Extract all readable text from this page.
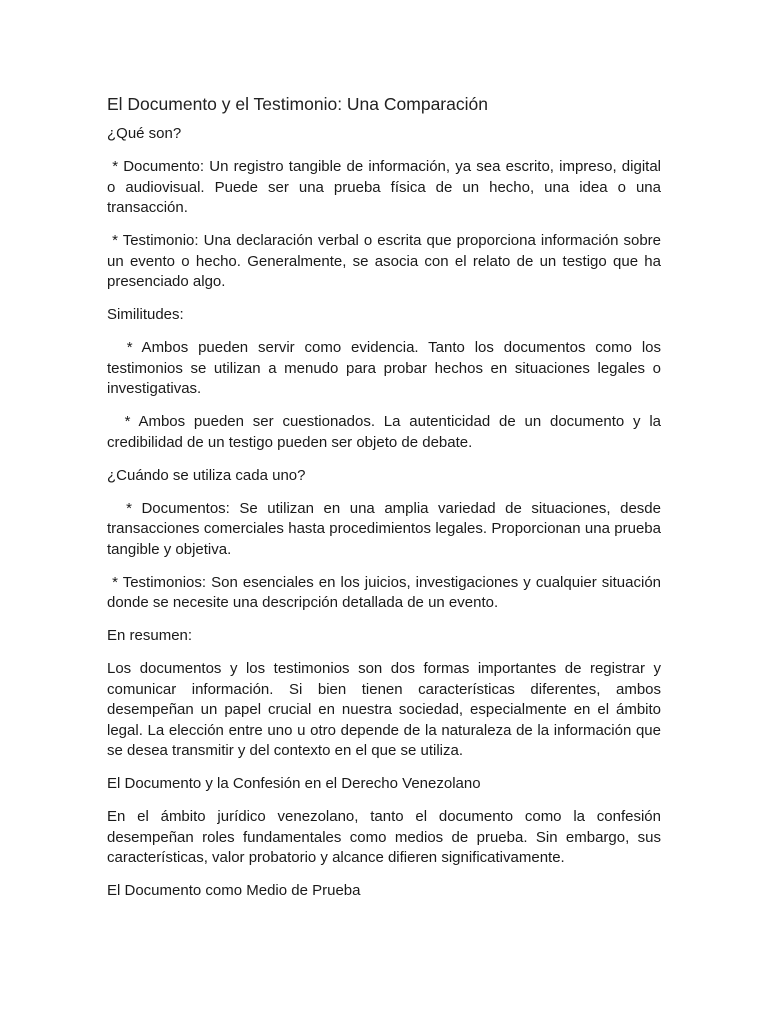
El Documento y el Testimonio: Una Comparación

¿Qué son?

* Documento: Un registro tangible de información, ya sea escrito, impreso, digital o audiovisual. Puede ser una prueba física de un hecho, una idea o una transacción.

* Testimonio: Una declaración verbal o escrita que proporciona información sobre un evento o hecho. Generalmente, se asocia con el relato de un testigo que ha presenciado algo.

Similitudes:

* Ambos pueden servir como evidencia. Tanto los documentos como los testimonios se utilizan a menudo para probar hechos en situaciones legales o investigativas.

* Ambos pueden ser cuestionados. La autenticidad de un documento y la credibilidad de un testigo pueden ser objeto de debate.

¿Cuándo se utiliza cada uno?

* Documentos: Se utilizan en una amplia variedad de situaciones, desde transacciones comerciales hasta procedimientos legales. Proporcionan una prueba tangible y objetiva.

* Testimonios: Son esenciales en los juicios, investigaciones y cualquier situación donde se necesite una descripción detallada de un evento.

En resumen:

Los documentos y los testimonios son dos formas importantes de registrar y comunicar información. Si bien tienen características diferentes, ambos desempeñan un papel crucial en nuestra sociedad, especialmente en el ámbito legal. La elección entre uno u otro depende de la naturaleza de la información que se desea transmitir y del contexto en el que se utiliza.

El Documento y la Confesión en el Derecho Venezolano

En el ámbito jurídico venezolano, tanto el documento como la confesión desempeñan roles fundamentales como medios de prueba. Sin embargo, sus características, valor probatorio y alcance difieren significativamente.

El Documento como Medio de Prueba
